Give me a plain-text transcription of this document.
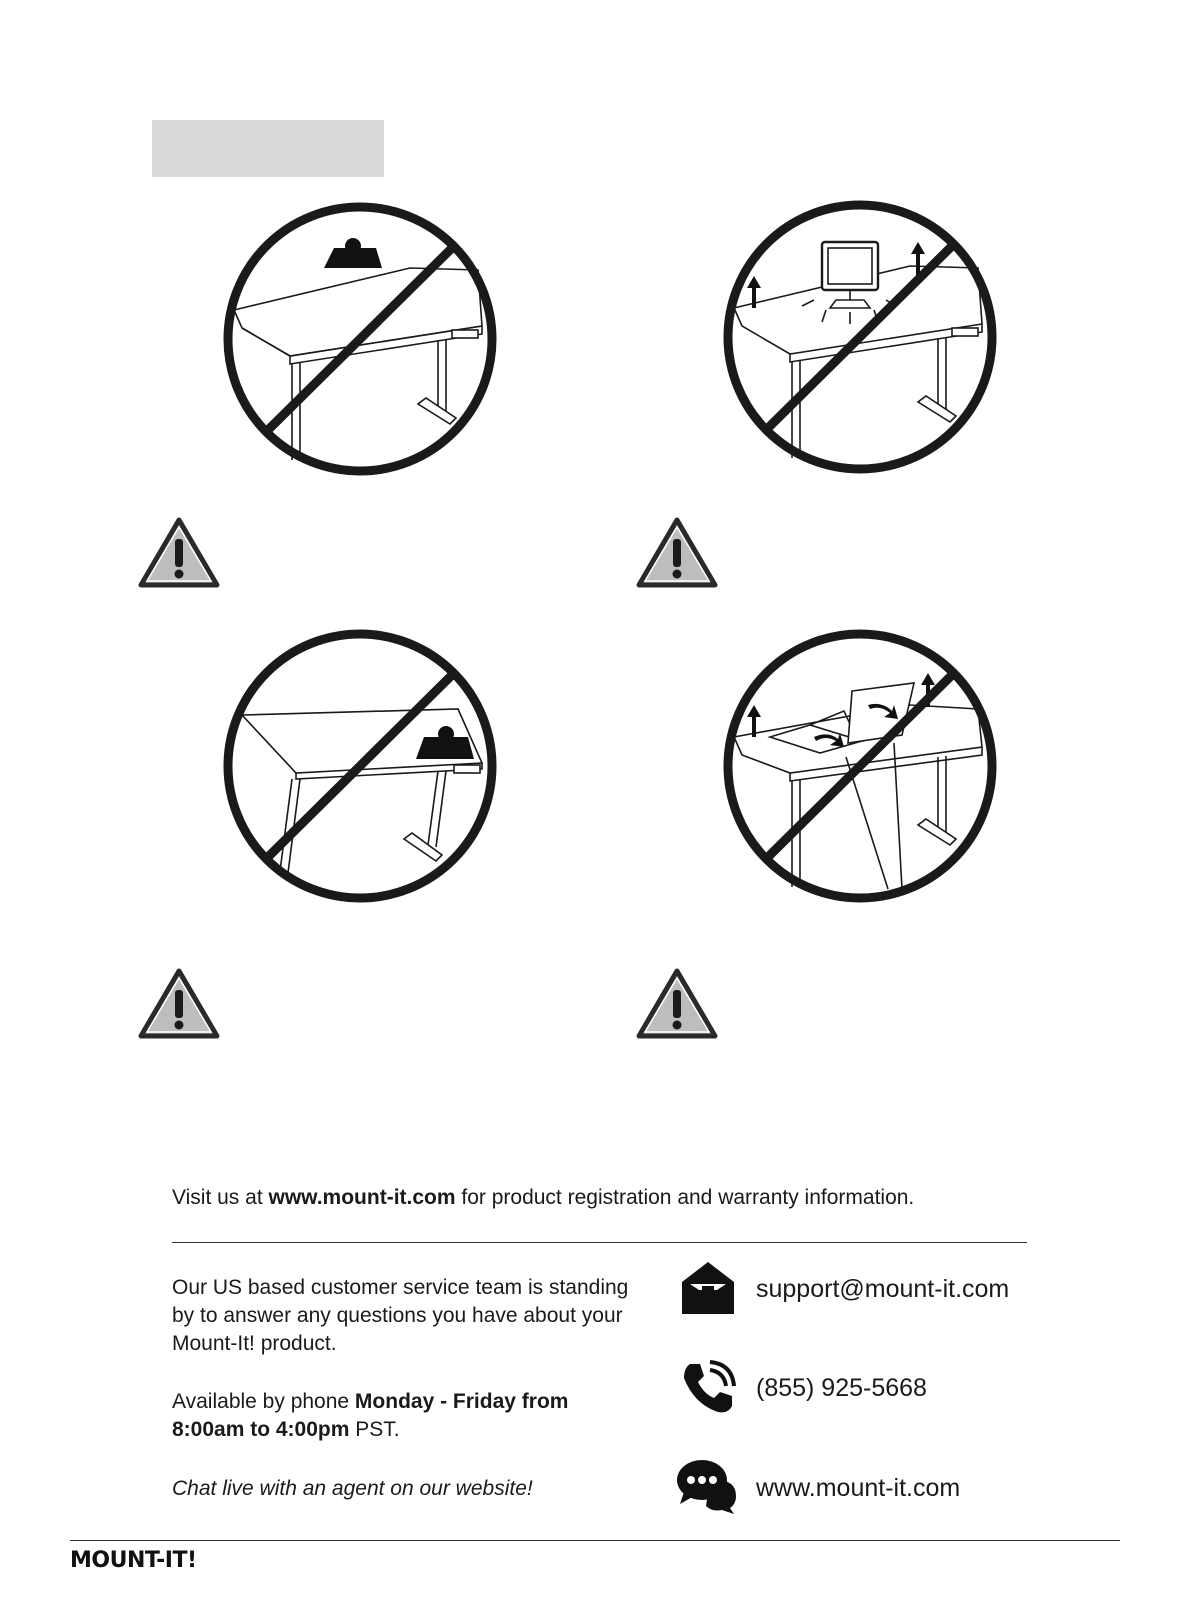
Visit us at www.mount-it.com for product registration and warranty information.
Our US based customer service team is standing by to answer any questions you have about your Mount-It! product.
Available by phone Monday - Friday from 8:00am to 4:00pm PST.
Chat live with an agent on our website!
support@mount-it.com
(855) 925-5668
www.mount-it.com
MOUNT-IT!
